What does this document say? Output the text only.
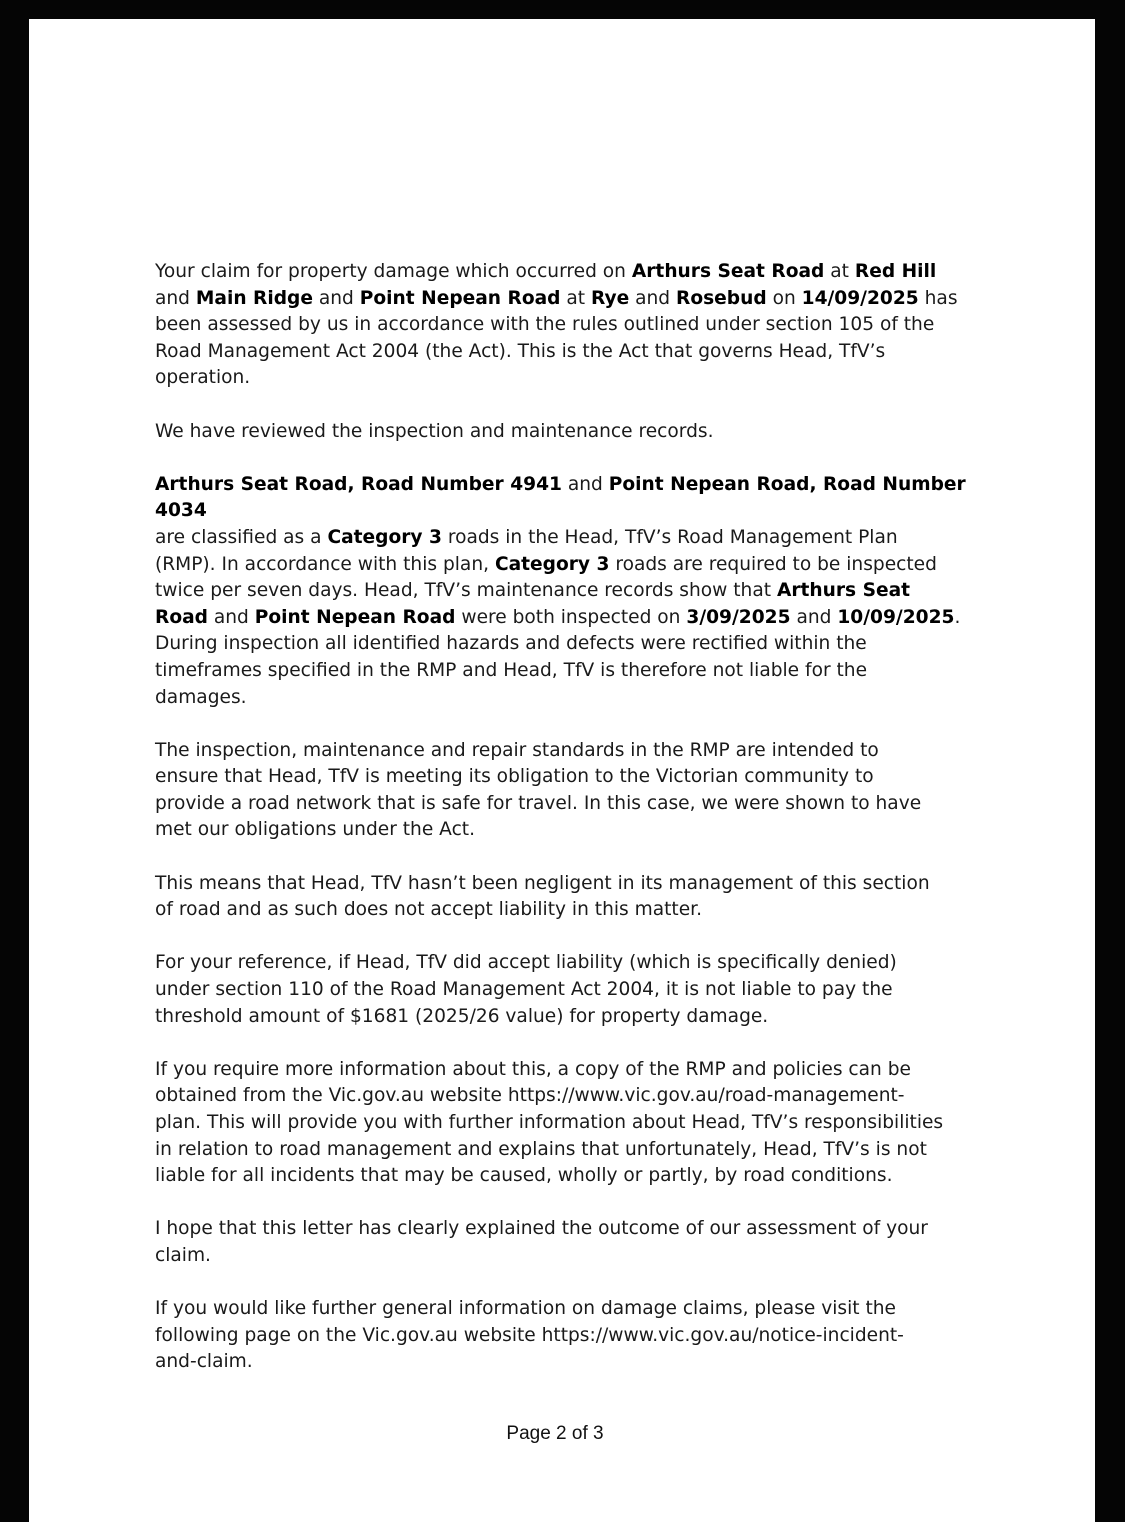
Your claim for property damage which occurred on Arthurs Seat Road at Red Hill
and Main Ridge and Point Nepean Road at Rye and Rosebud on 14/09/2025 has
been assessed by us in accordance with the rules outlined under section 105 of the
Road Management Act 2004 (the Act). This is the Act that governs Head, TfV’s
operation.

We have reviewed the inspection and maintenance records.

Arthurs Seat Road, Road Number 4941 and Point Nepean Road, Road Number 4034
are classified as a Category 3 roads in the Head, TfV’s Road Management Plan
(RMP). In accordance with this plan, Category 3 roads are required to be inspected
twice per seven days. Head, TfV’s maintenance records show that Arthurs Seat
Road and Point Nepean Road were both inspected on 3/09/2025 and 10/09/2025.
During inspection all identified hazards and defects were rectified within the
timeframes specified in the RMP and Head, TfV is therefore not liable for the
damages.

The inspection, maintenance and repair standards in the RMP are intended to
ensure that Head, TfV is meeting its obligation to the Victorian community to
provide a road network that is safe for travel. In this case, we were shown to have
met our obligations under the Act.

This means that Head, TfV hasn’t been negligent in its management of this section
of road and as such does not accept liability in this matter.

For your reference, if Head, TfV did accept liability (which is specifically denied)
under section 110 of the Road Management Act 2004, it is not liable to pay the
threshold amount of $1681 (2025/26 value) for property damage.

If you require more information about this, a copy of the RMP and policies can be
obtained from the Vic.gov.au website https://www.vic.gov.au/road-management-
plan. This will provide you with further information about Head, TfV’s responsibilities
in relation to road management and explains that unfortunately, Head, TfV’s is not
liable for all incidents that may be caused, wholly or partly, by road conditions.

I hope that this letter has clearly explained the outcome of our assessment of your
claim.

If you would like further general information on damage claims, please visit the
following page on the Vic.gov.au website https://www.vic.gov.au/notice-incident-
and-claim.

Page 2 of 3
